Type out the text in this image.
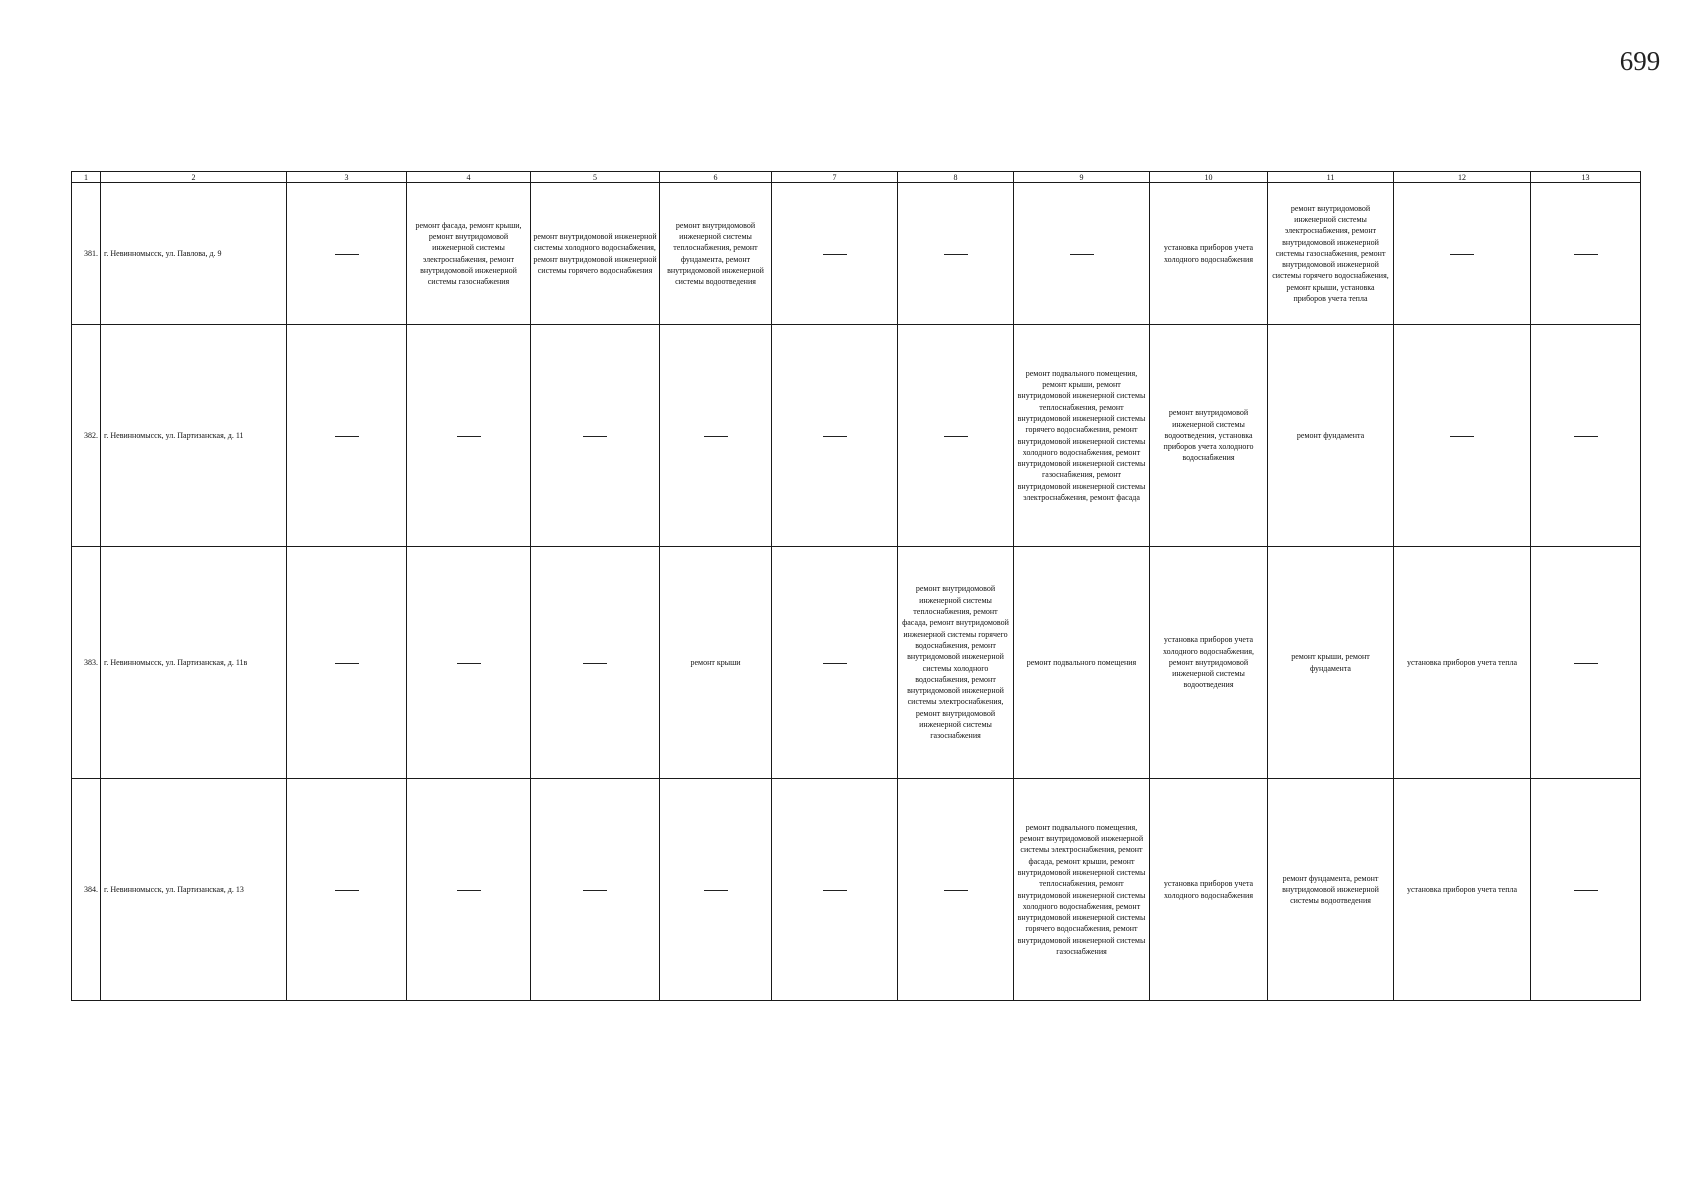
699
1	2	3	4	5	6	7	8	9	10	11	12	13
381.	г. Невинномысск, ул. Павлова, д. 9		ремонт фасада, ремонт крыши, ремонт внутридомовой инженерной системы электроснабжения, ремонт внутридомовой инженерной системы газоснабжения	ремонт внутридомовой инженерной системы холодного водоснабжения, ремонт внутридомовой инженерной системы горячего водоснабжения	ремонт внутридомовой инженерной системы теплоснабжения, ремонт фундамента, ремонт внутридомовой инженерной системы водоотведения				установка приборов учета холодного водоснабжения	ремонт внутридомовой инженерной системы электроснабжения, ремонт внутридомовой инженерной системы газоснабжения, ремонт внутридомовой инженерной системы горячего водоснабжения, ремонт крыши, установка приборов учета тепла		
382.	г. Невинномысск, ул. Партизанская, д. 11							ремонт подвального помещения, ремонт крыши, ремонт внутридомовой инженерной системы теплоснабжения, ремонт внутридомовой инженерной системы горячего водоснабжения, ремонт внутридомовой инженерной системы холодного водоснабжения, ремонт внутридомовой инженерной системы газоснабжения, ремонт внутридомовой инженерной системы электроснабжения, ремонт фасада	ремонт внутридомовой инженерной системы водоотведения, установка приборов учета холодного водоснабжения	ремонт фундамента		
383.	г. Невинномысск, ул. Партизанская, д. 11в				ремонт крыши		ремонт внутридомовой инженерной системы теплоснабжения, ремонт фасада, ремонт внутридомовой инженерной системы горячего водоснабжения, ремонт внутридомовой инженерной системы холодного водоснабжения, ремонт внутридомовой инженерной системы электроснабжения, ремонт внутридомовой инженерной системы газоснабжения	ремонт подвального помещения	установка приборов учета холодного водоснабжения, ремонт внутридомовой инженерной системы водоотведения	ремонт крыши, ремонт фундамента	установка приборов учета тепла	
384.	г. Невинномысск, ул. Партизанская, д. 13							ремонт подвального помещения, ремонт внутридомовой инженерной системы электроснабжения, ремонт фасада, ремонт крыши, ремонт внутридомовой инженерной системы теплоснабжения, ремонт внутридомовой инженерной системы холодного водоснабжения, ремонт внутридомовой инженерной системы горячего водоснабжения, ремонт внутридомовой инженерной системы газоснабжения	установка приборов учета холодного водоснабжения	ремонт фундамента, ремонт внутридомовой инженерной системы водоотведения	установка приборов учета тепла	
